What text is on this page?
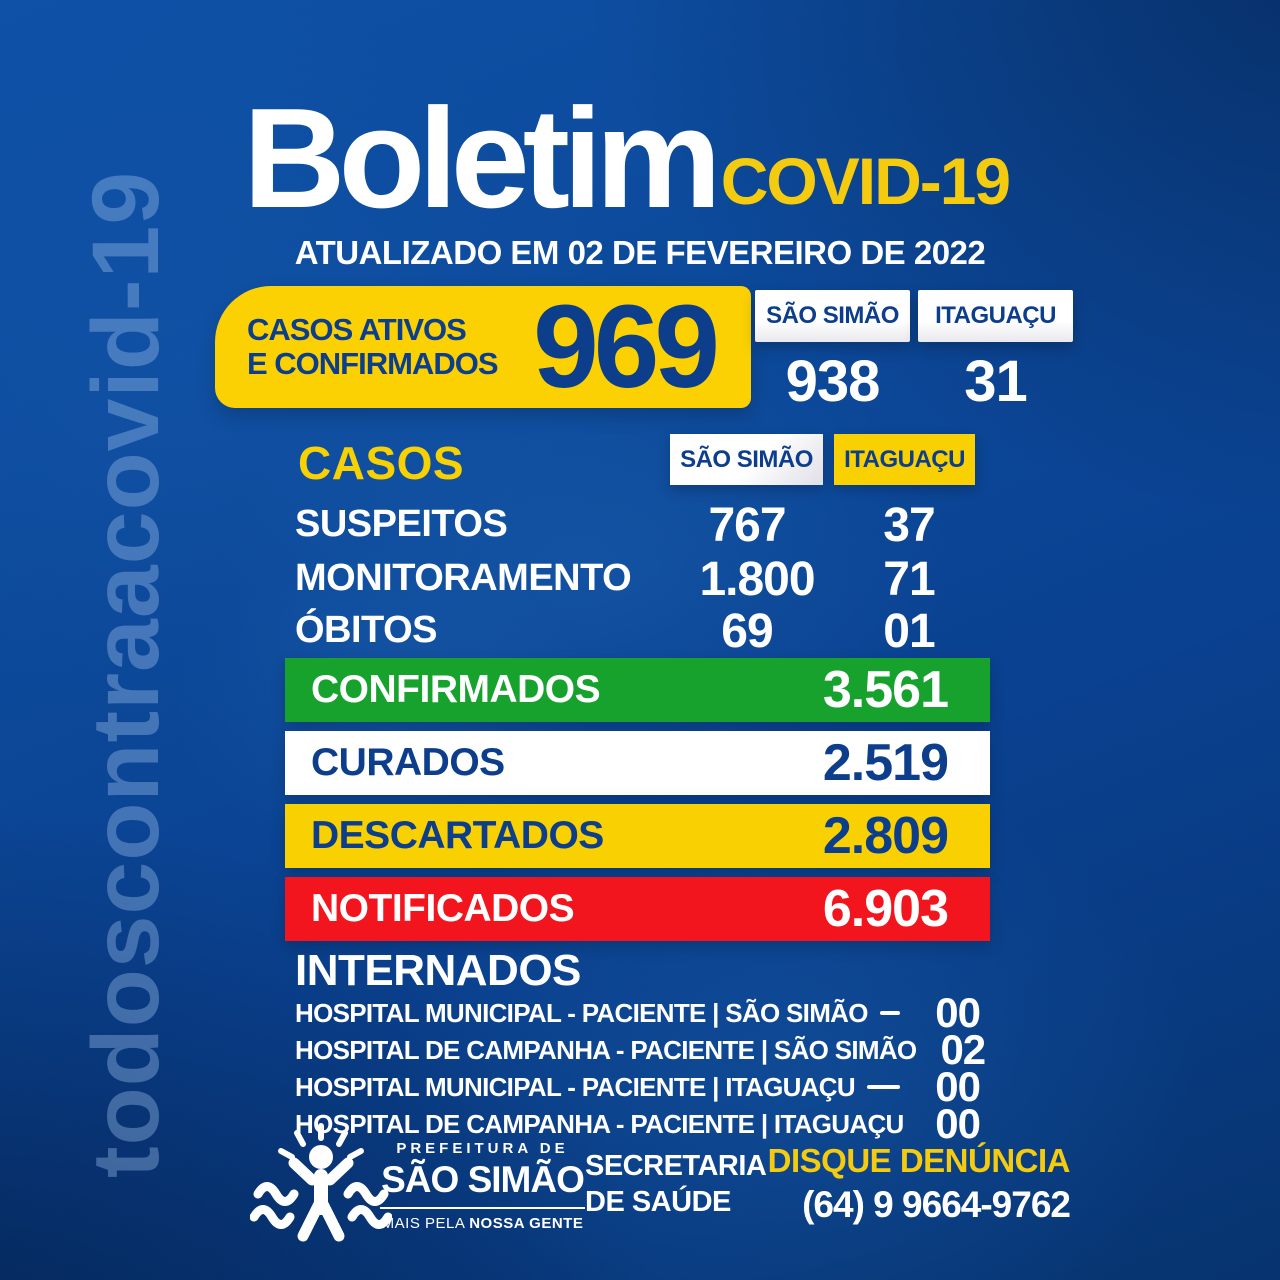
todoscontraacovid-19
Boletim COVID-19
ATUALIZADO EM 02 DE FEVEREIRO DE 2022
CASOS ATIVOS
E CONFIRMADOS 969	SÃO SIMÃO	ITAGUAÇU
938	31
CASOS	SÃO SIMÃO	ITAGUAÇU
SUSPEITOS	767	37
MONITORAMENTO	1.800	71
ÓBITOS	69	01
CONFIRMADOS	3.561
CURADOS	2.519
DESCARTADOS	2.809
NOTIFICADOS	6.903
INTERNADOS
HOSPITAL MUNICIPAL - PACIENTE | SÃO SIMÃO	00
HOSPITAL DE CAMPANHA - PACIENTE | SÃO SIMÃO 02
HOSPITAL MUNICIPAL - PACIENTE | ITAGUAÇU	00
HOSPITAL DE CAMPANHA - PACIENTE | ITAGUAÇU 00
PREFEITURA DE
SÃO SIMÃO
MAIS PELA NOSSA GENTE
SECRETARIA
DE SAÚDE
DISQUE DENÚNCIA
(64) 9 9664-9762
